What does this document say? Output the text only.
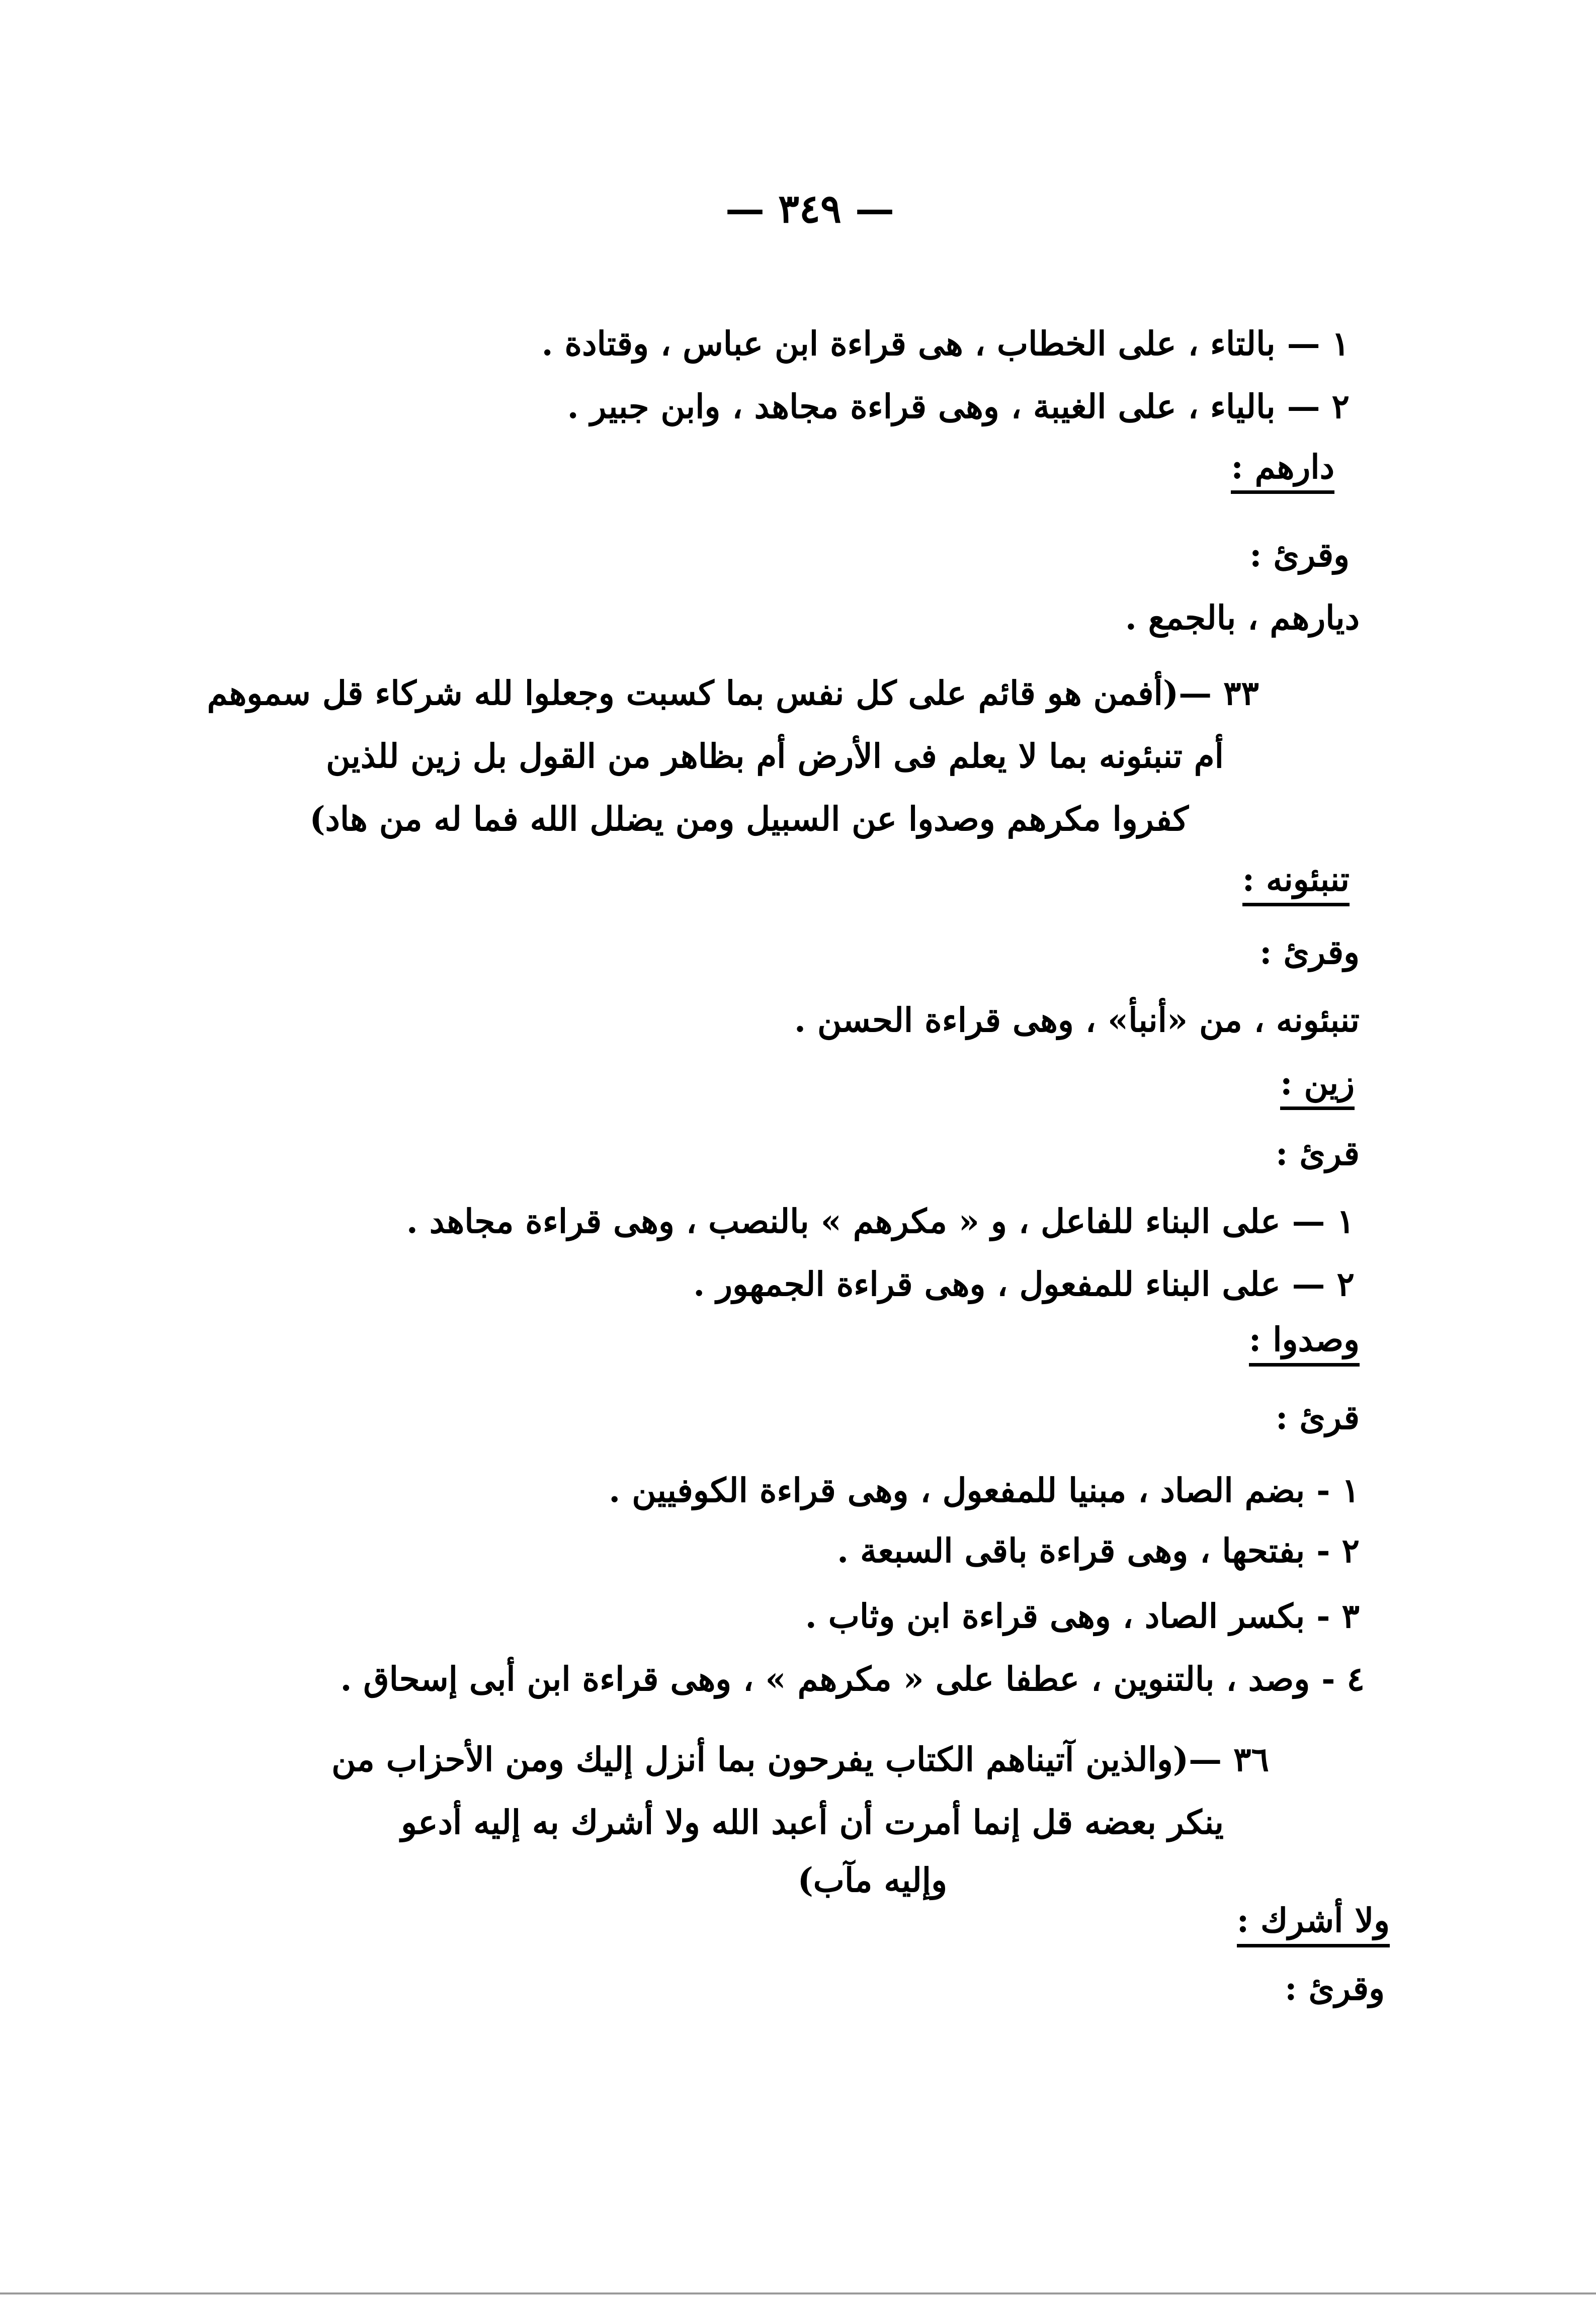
— ٣٤٩ —
١ — بالتاء ، على الخطاب ، هى قراءة ابن عباس ، وقتادة .
٢ — بالياء ، على الغيبة ، وهى قراءة مجاهد ، وابن جبير .
دارهم :
وقرئ :
ديارهم ، بالجمع .
٣٣ —(أفمن هو قائم على كل نفس بما كسبت وجعلوا لله شركاء قل سموهم
أم تنبئونه بما لا يعلم فى الأرض أم بظاهر من القول بل زين للذين
كفروا مكرهم وصدوا عن السبيل ومن يضلل الله فما له من هاد)
تنبئونه :
وقرئ :
تنبئونه ، من «أنبأ» ، وهى قراءة الحسن .
زين :
قرئ :
١ — على البناء للفاعل ، و « مكرهم » بالنصب ، وهى قراءة مجاهد .
٢ — على البناء للمفعول ، وهى قراءة الجمهور .
وصدوا :
قرئ :
١ - بضم الصاد ، مبنيا للمفعول ، وهى قراءة الكوفيين .
٢ - بفتحها ، وهى قراءة باقى السبعة .
٣ - بكسر الصاد ، وهى قراءة ابن وثاب .
٤ - وصد ، بالتنوين ، عطفا على « مكرهم » ، وهى قراءة ابن أبى إسحاق .
٣٦ —(والذين آتيناهم الكتاب يفرحون بما أنزل إليك ومن الأحزاب من
ينكر بعضه قل إنما أمرت أن أعبد الله ولا أشرك به إليه أدعو
وإليه مآب)
ولا أشرك :
وقرئ :
